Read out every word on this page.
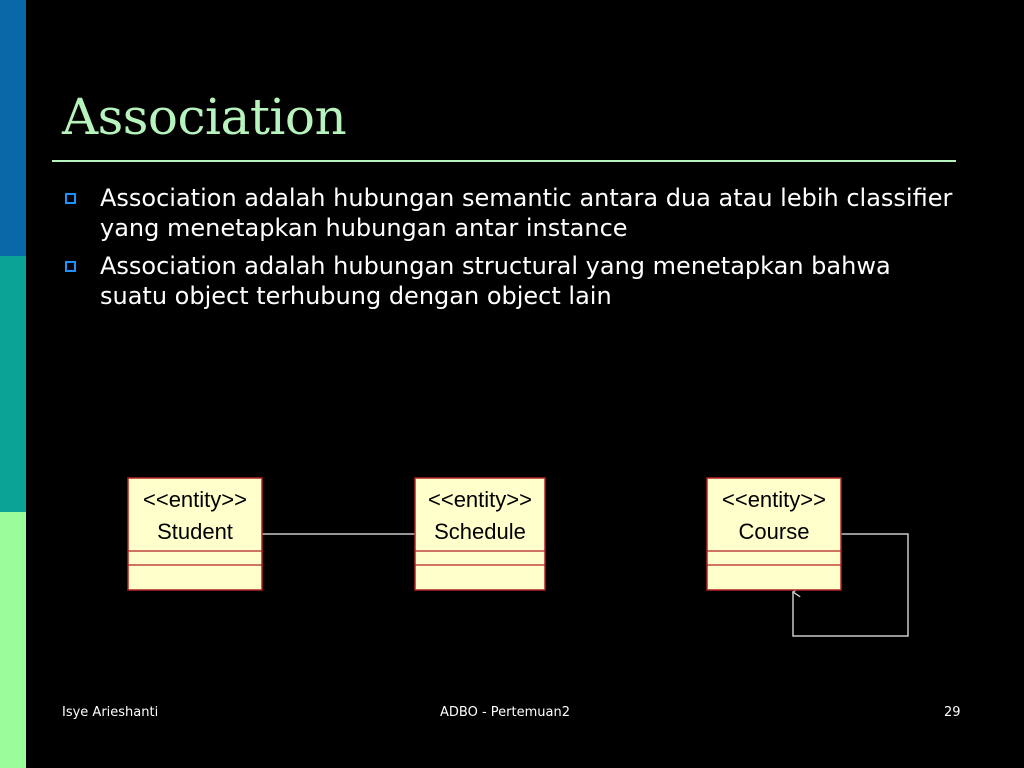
Association
Association adalah hubungan semantic antara dua atau lebih classifier yang menetapkan hubungan antar instance
Association adalah hubungan structural yang menetapkan bahwa suatu object terhubung dengan object lain
<<entity>>
Student
<<entity>>
Schedule
<<entity>>
Course
Isye Arieshanti	ADBO - Pertemuan2	29
